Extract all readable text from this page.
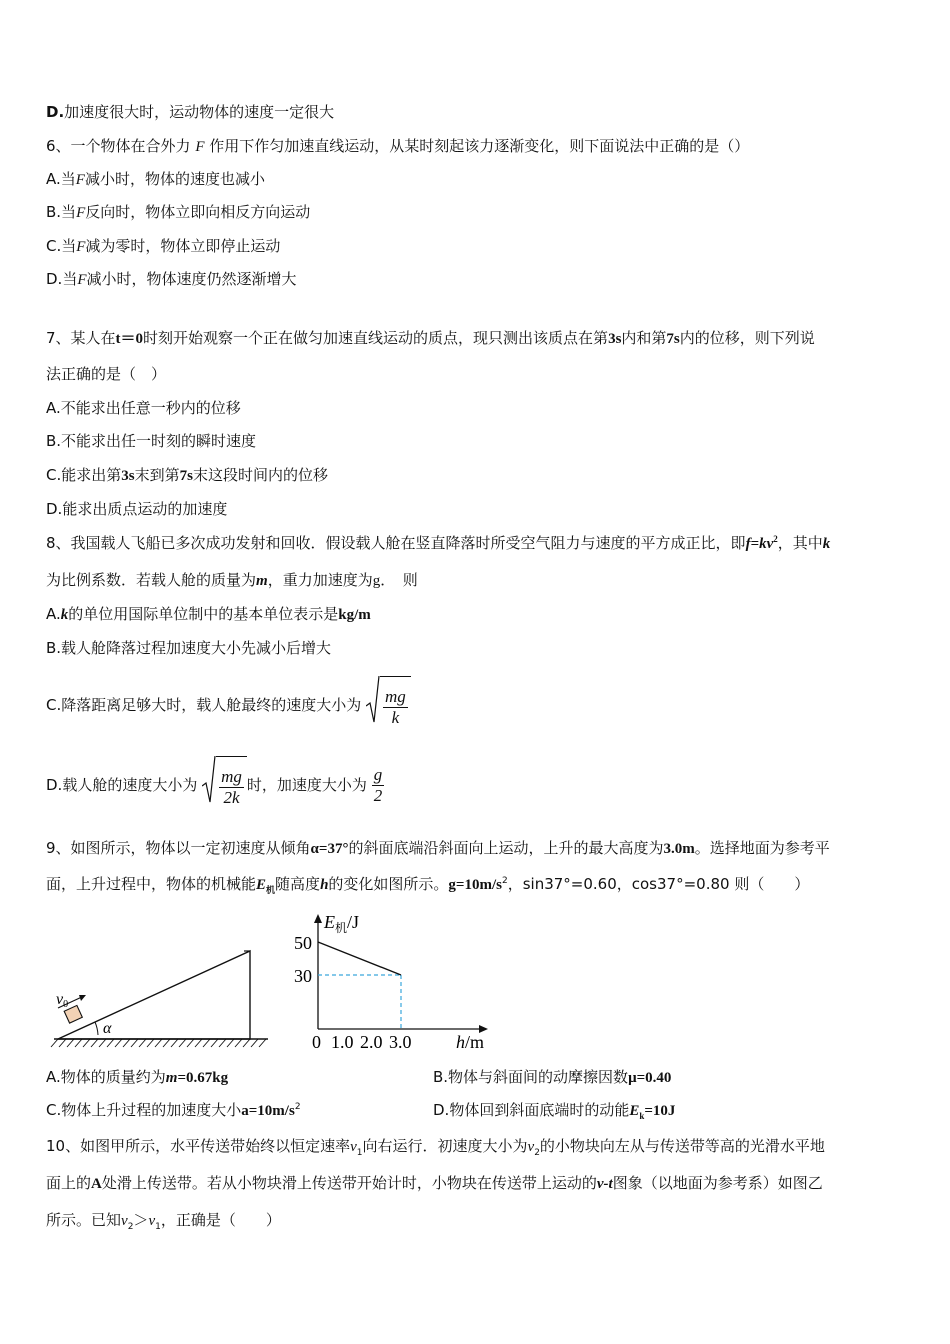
D.加速度很大时，运动物体的速度一定很大
6、一个物体在合外力 F 作用下作匀加速直线运动，从某时刻起该力逐渐变化，则下面说法中正确的是（）
A.当F减小时，物体的速度也减小
B.当F反向时，物体立即向相反方向运动
C.当F减为零时，物体立即停止运动
D.当F减小时，物体速度仍然逐渐增大
7、某人在t＝0时刻开始观察一个正在做匀加速直线运动的质点，现只测出该质点在第3s内和第7s内的位移，则下列说
法正确的是（　）
A.不能求出任意一秒内的位移
B.不能求出任一时刻的瞬时速度
C.能求出第3s末到第7s末这段时间内的位移
D.能求出质点运动的加速度
8、我国载人飞船已多次成功发射和回收．假设载人舱在竖直降落时所受空气阻力与速度的平方成正比，即$f=kv^2$，其中k
为比例系数．若载人舱的质量为m，重力加速度为g．　 则
A.k的单位用国际单位制中的基本单位表示是kg/m
B.载人舱降落过程加速度大小先减小后增大
C.降落距离足够大时，载人舱最终的速度大小为 $\frac{mg}{k}$
D.载人舱的速度大小为 $\frac{mg}{2k}$ 时，加速度大小为 $\frac{g}{2}$
9、如图所示，物体以一定初速度从倾角α=37°的斜面底端沿斜面向上运动，上升的最大高度为3.0m。选择地面为参考平
面，上升过程中，物体的机械能$E_机$随高度h的变化如图所示。$g=10m/s^2$，sin37°=0.60，cos37°=0.80 则（　　）
v0
α
$E_机/J$
50
30
0 1.0 2.0 3.0 h/m
A.物体的质量约为m=0.67kg	B.物体与斜面间的动摩擦因数μ=0.40
C.物体上升过程的加速度大小$a=10m/s^2$	D.物体回到斜面底端时的动能$E_k=10J$
10、如图甲所示，水平传送带始终以恒定速率$v_1$向右运行．初速度大小为$v_2$的小物块向左从与传送带等高的光滑水平地
面上的A处滑上传送带。若从小物块滑上传送带开始计时，小物块在传送带上运动的v-t图象（以地面为参考系）如图乙
所示。已知$v_2>v_1$，正确是（　　）
